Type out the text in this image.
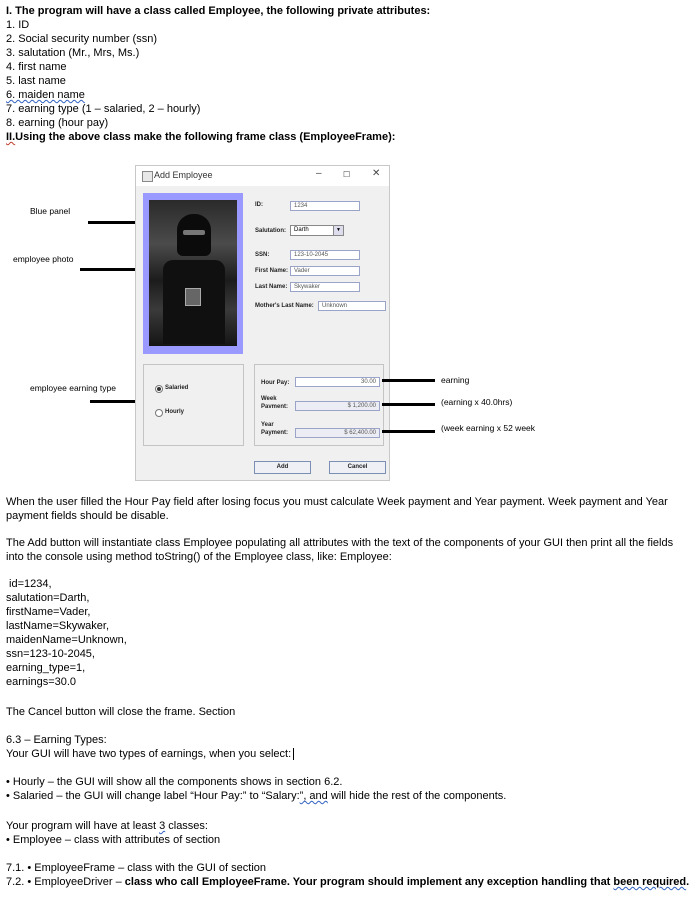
I. The program will have a class called Employee, the following private attributes:
1. ID
2. Social security number (ssn)
3. salutation (Mr., Mrs, Ms.)
4. first name
5. last name
6. maiden name
7. earning type (1 – salaried, 2 – hourly)
8. earning (hour pay)
II.Using the above class make the following frame class (EmployeeFrame):
Blue panel
employee photo
employee earning type
Add Employee	–	☐ ✕
ID:	1234
Salutation:	Darth	▼
SSN:	123-10-2045
First Name: Vader
Last Name:	Skywaker
Mother's Last Name:	Unknown
Salaried
Hourly
Hour Pay:	30.00
Week
Pavment:	$ 1,200.00
Year
Payment:	$ 62,400.00
Add	Cancel
earning
(earning x 40.0hrs)
(week earning x 52 week
When the user filled the Hour Pay field after losing focus you must calculate Week payment and Year payment. Week payment and Year
payment fields should be disable.
The Add button will instantiate class Employee populating all attributes with the text of the components of your GUI then print all the fields
into the console using method toString() of the Employee class, like: Employee:
id=1234,
salutation=Darth,
firstName=Vader,
lastName=Skywaker,
maidenName=Unknown,
ssn=123-10-2045,
earning_type=1,
earnings=30.0
The Cancel button will close the frame. Section
6.3 – Earning Types:
Your GUI will have two types of earnings, when you select:
• Hourly – the GUI will show all the components shows in section 6.2.
• Salaried – the GUI will change label “Hour Pay:” to “Salary:”, and will hide the rest of the components.
Your program will have at least 3 classes:
• Employee – class with attributes of section
7.1. • EmployeeFrame – class with the GUI of section
7.2. • EmployeeDriver – class who call EmployeeFrame. Your program should implement any exception handling that been required.
